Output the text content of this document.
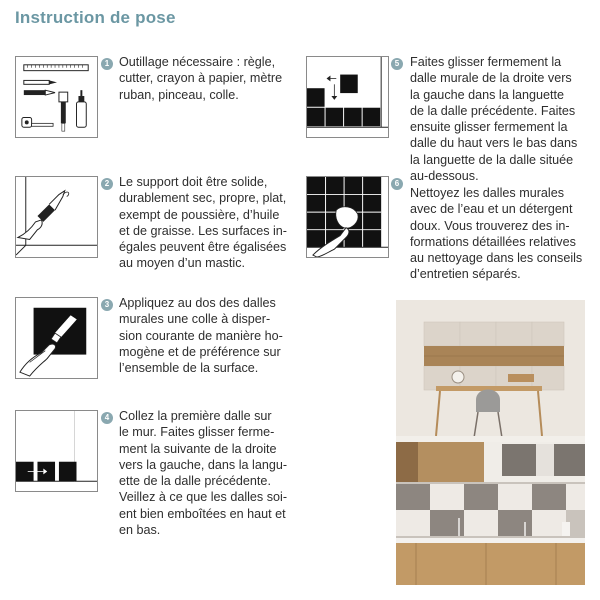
Instruction de pose
1 Outillage nécessaire : règle,
cutter, crayon à papier, mètre
ruban, pinceau, colle.
2 Le support doit être solide,
durablement sec, propre, plat,
exempt de poussière, d’huile
et de graisse. Les surfaces in-
égales peuvent être égalisées
au moyen d’un mastic.
3 Appliquez au dos des dalles
murales une colle à disper-
sion courante de manière ho-
mogène et de préférence sur
l’ensemble de la surface.
4 Collez la première dalle sur
le mur. Faites glisser ferme-
ment la suivante de la droite
vers la gauche, dans la langu-
ette de la dalle précédente.
Veillez à ce que les dalles soi-
ent bien emboîtées en haut et
en bas.
5 Faites glisser fermement la
dalle murale de la droite vers
la gauche dans la languette
de la dalle précédente. Faites
ensuite glisser fermement la
dalle du haut vers le bas dans
la languette de la dalle située
au-dessous.
6
Nettoyez les dalles murales
avec de l’eau et un détergent
doux. Vous trouverez des in-
formations détaillées relatives
au nettoyage dans les conseils
d’entretien séparés.
